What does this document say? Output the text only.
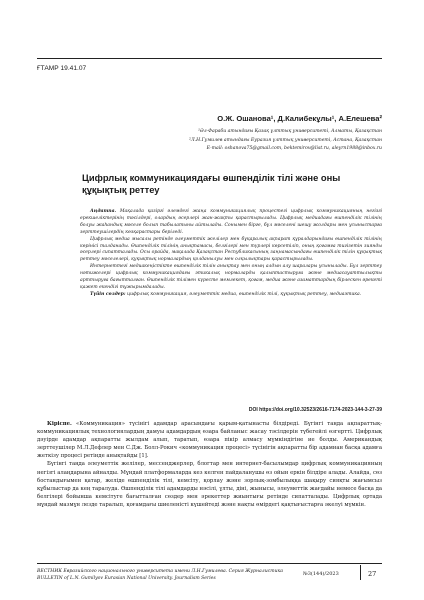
ҒТАМР 19.41.07
О.Ж. Ошанова¹, Д.Калибекұлы¹, А.Елешева²
¹Әл-Фараби атындағы Қазақ ұлттық университеті, Алматы, Қазақстан
²Л.Н.Гумилев атындағы Еуразия ұлттық университеті, Астана, Қазақстан
E-mail: oshanova75@gmail.com, bektemirov@list.ru, aleyrn1988@inbox.ru
Цифрлық коммуникациядағы өшпенділік тілі және оны құқықтық реттеу

Аңдатпа. Мақалада қазіргі әлемдегі жаңа коммуникациялық процестегі цифрлық коммуникацияның негізгі ерекшеліктерінің тәсілдері, олардың әсерлері жан-жақты қарастырылады. Цифрлық медиадағы өшпенділік тілінің болуы жаһандық мәселе болып табылатыны айтылады. Сонымен бірге, бұл мәселені шешу жолдары мен ұсыныстарға зерттеушілердің көзқарастары беріледі.

Цифрлық медиа мысалы ретінде әлеуметтік желілер мен бұқаралық ақпарат құралдарындағы өшпенділік тілінің көрінісі талданады. Өшпенділік тілінің анықтамасы, белгілері мен түрлері көрсетіліп, оның қоғамға тигізетін зиянды әсерлері сипатталады. Осы орайда, мақалада Қазақстан Республикасының заңнамасындағы өшпенділік тілін құқықтық реттеу мәселелері, құқықтық нормалардың қолданылуы мен олқылықтары қарастырылады.

Интернеттегі медиакеңістікте өшпенділік тілін анықтау мен оның алдын алу шаралары ұсынылады. Бұл зерттеу нәтижелері цифрлық коммуникациядағы этикалық нормаларды қалыптастыруға және медиасауаттылықты арттыруға бағытталған. Өшпенділік тілімен күресте мемлекет, қоғам, медиа және азаматтардың бірлескен әрекеті қажет екендігі тұжырымдалады.

Түйін сөздер: цифрлық коммуникация, әлеуметтік медиа, өшпенділік тілі, құқықтық реттеу, медиаэтика.

DOI https://doi.org/10.32523/2616-7174-2023-144-3-27-39

Кіріспе. «Коммуникация» түсінігі адамдар арасындағы қарым-қатынасты білдіреді. Бүгінгі таңда ақпараттық-коммуникациялық технологиялардың дамуы адамдардың өзара байланыс жасау тәсілдерін түбегейлі өзгертті. Цифрлық дәуірде адамдар ақпаратты жылдам алып, таратып, өзара пікір алмасу мүмкіндігіне ие болды. Американдық зерттеушілер М.Л.Дефлер мен С.Дж. Болл-Рокич «коммуникация процесі» түсінігін ақпаратты бір адамнан басқа адамға жеткізу процесі ретінде анықтайды [1].

Бүгінгі таңда әлеуметтік желілер, мессенджерлер, блогтар мен интернет-басылымдар цифрлық коммуникацияның негізгі алаңдарына айналды. Мұндай платформаларда кез келген пайдаланушы өз ойын еркін білдіре алады. Алайда, сөз бостандығымен қатар, желіде өшпенділік тілі, кемсіту, қорлау және зорлық-зомбылыққа шақыру сияқты жағымсыз құбылыстар да кең таралуда. Өшпенділік тілі адамдарды нәсілі, ұлты, діні, жынысы, әлеуметтік жағдайы немесе басқа да белгілері бойынша кемсітуге бағытталған сөздер мен әрекеттер жиынтығы ретінде сипатталады. Цифрлық ортада мұндай мазмұн лезде таралып, қоғамдағы шиеленісті күшейтеді және нақты өмірдегі қақтығыстарға әкелуі мүмкін.

ВЕСТНИК Евразийского национального университета имени Л.Н.Гумилева. Серия Журналистика
BULLETIN of L.N. Gumilyov Eurasian National University. Journalism Series
№3(144)/2023	27
